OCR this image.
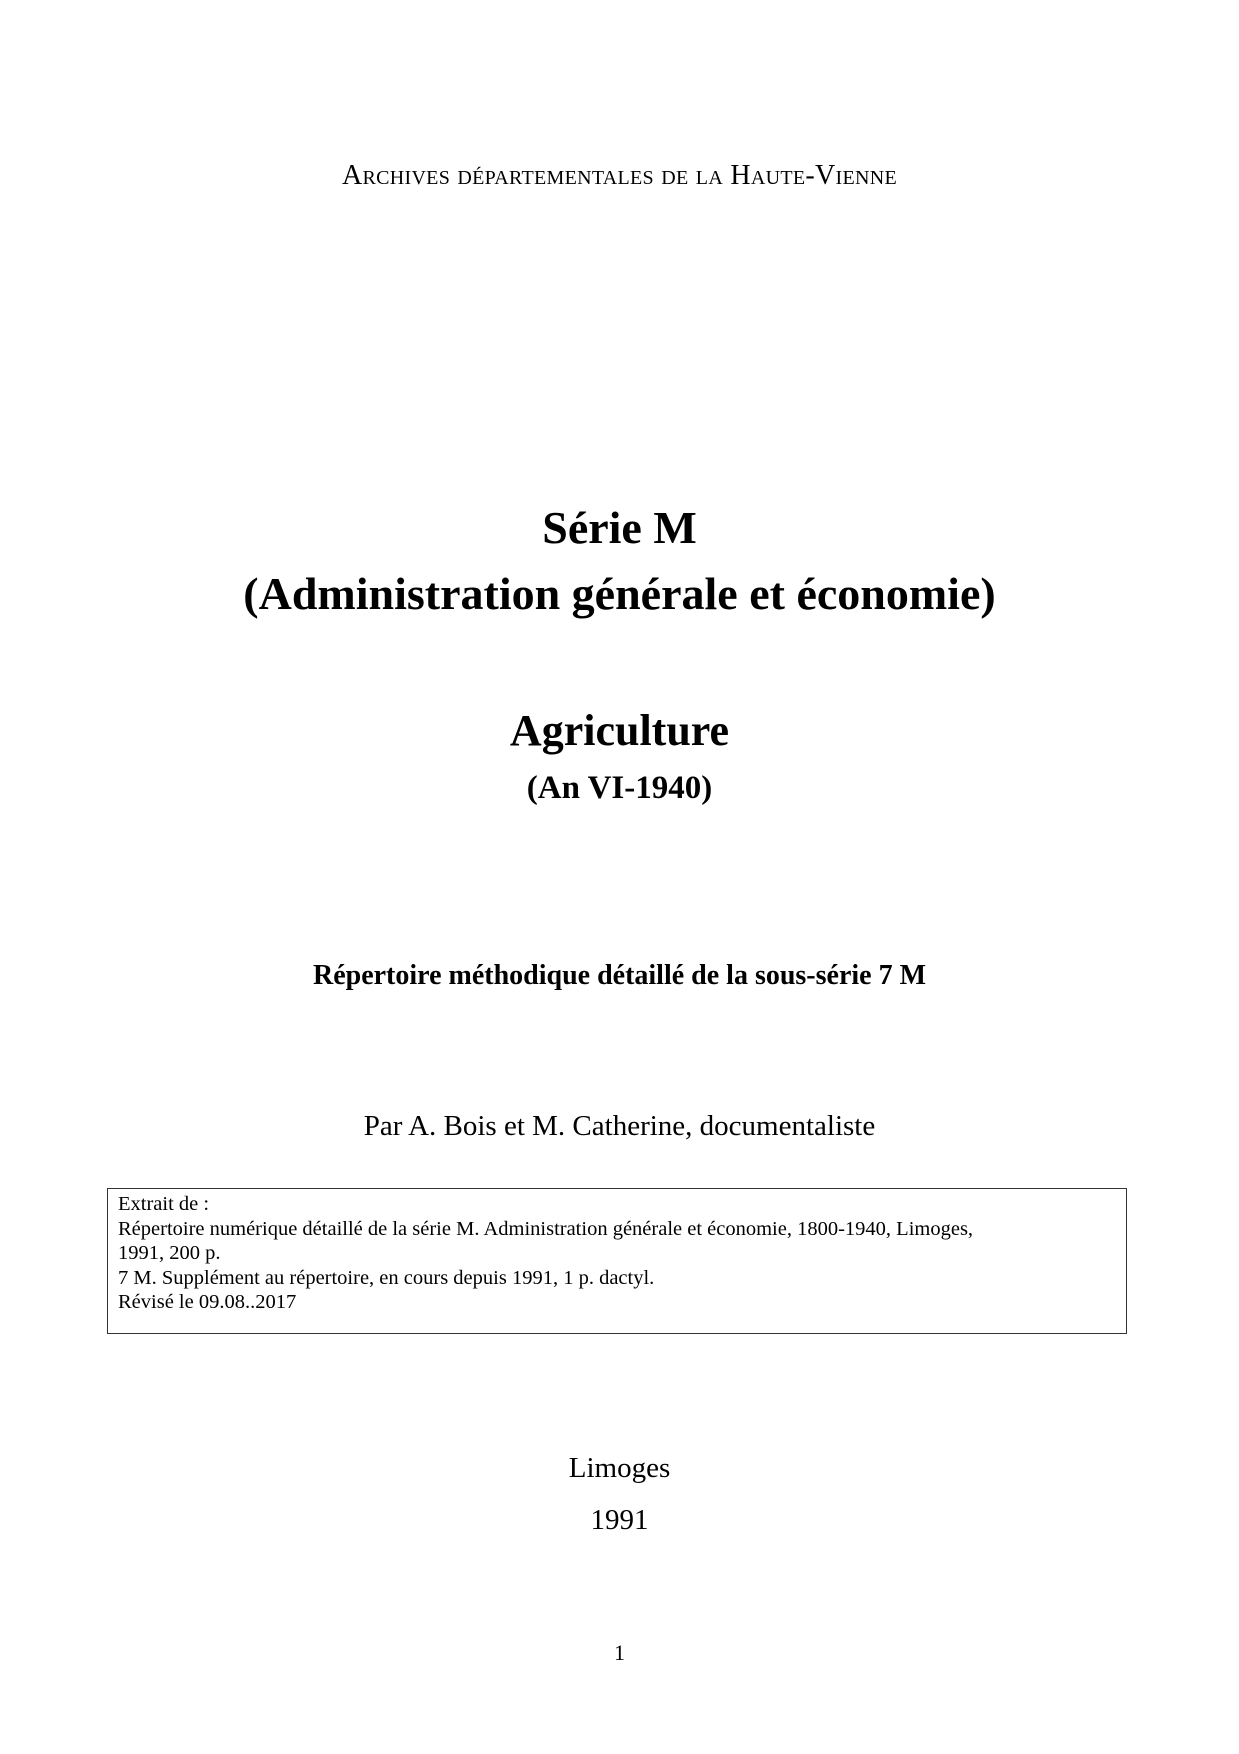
Archives départementales de la Haute-Vienne
Série M
(Administration générale et économie)
Agriculture
(An VI-1940)
Répertoire méthodique détaillé de la sous-série 7 M
Par A. Bois et M. Catherine, documentaliste
Extrait de :
Répertoire numérique détaillé de la série M. Administration générale et économie, 1800-1940, Limoges,
1991, 200 p.
7 M. Supplément au répertoire, en cours depuis 1991, 1 p. dactyl.
Révisé le 09.08..2017
Limoges
1991
1
